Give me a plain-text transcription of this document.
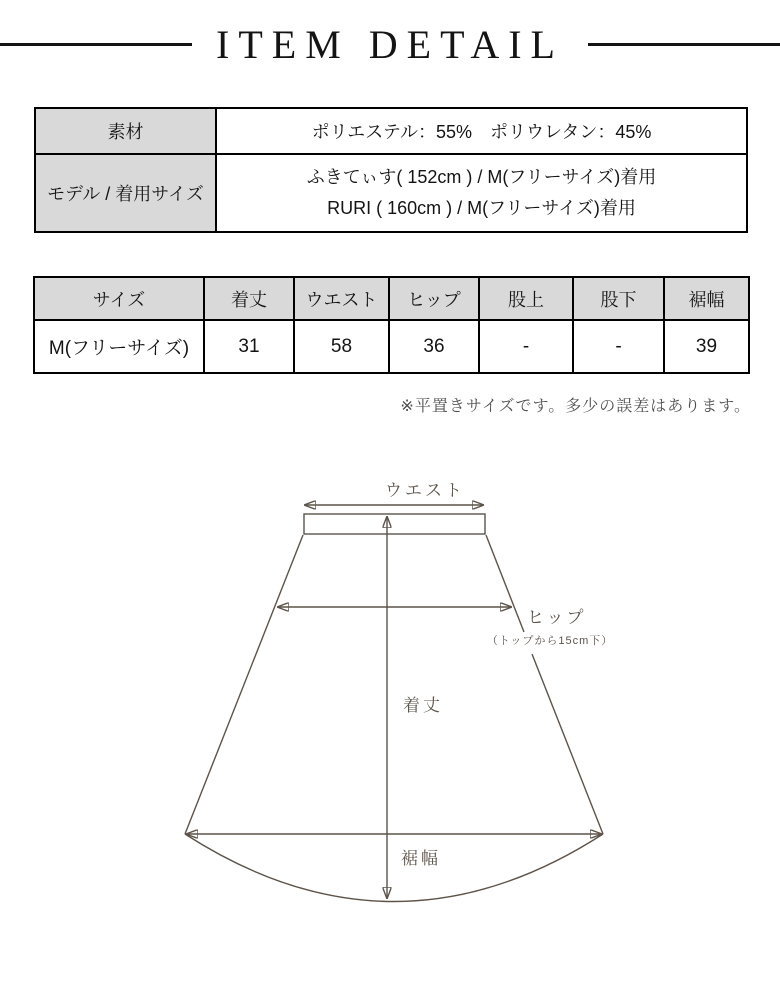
ITEM DETAIL
素材	ポリエステル：55%　ポリウレタン：45%
モデル / 着用サイズ	ふきてぃす( 152cm ) / M(フリーサイズ)着用
RURI ( 160cm ) / M(フリーサイズ)着用
サイズ	着丈	ウエスト	ヒップ	股上	股下	裾幅
M(フリーサイズ)	31	58	36	-	-	39
※平置きサイズです。多少の誤差はあります。
ウエスト
ヒップ
（トップから15cm下）
着丈
裾幅
